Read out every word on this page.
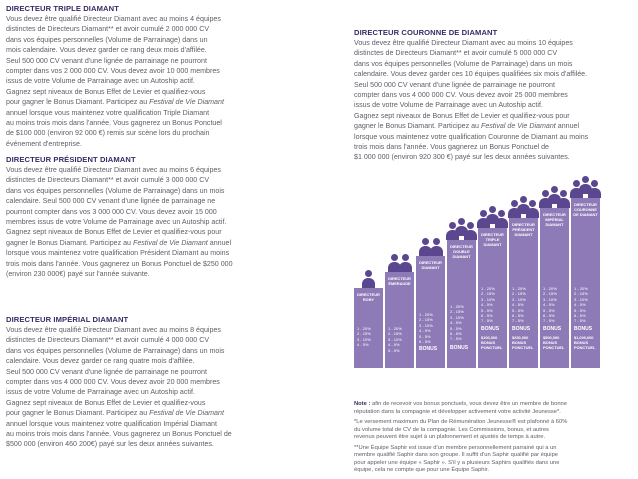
DIRECTEUR TRIPLE DIAMANT

Vous devez être qualifié Directeur Diamant avec au moins 4 équipes

distinctes de Directeurs Diamant** et avoir cumulé 2 000 000 CV

dans vos équipes personnelles (Volume de Parrainage) dans un

mois calendaire. Vous devez garder ce rang deux mois d'affilée.

Seul 500 000 CV venant d'une lignée de parrainage ne pourront

compter dans vos 2 000 000 CV. Vous devez avoir 10 000 membres

issus de votre Volume de Parrainage avec un Autoship actif.

Gagnez sept niveaux de Bonus Effet de Levier et qualifiez-vous

pour gagner le Bonus Diamant. Participez au Festival de Vie Diamant

annuel lorsque vous maintenez votre qualification Triple Diamant

au moins trois mois dans l'année. Vous gagnerez un Bonus Ponctuel

de $100 000 (environ 92 000 €) remis sur scène lors du prochain

événement d'entreprise.

DIRECTEUR PRÉSIDENT DIAMANT

Vous devez être qualifié Directeur Diamant avec au moins 6 équipes

distinctes de Directeurs Diamant** et avoir cumulé 3 000 000 CV

dans vos équipes personnelles (Volume de Parrainage) dans un mois

calendaire. Seul 500 000 CV venant d'une lignée de parrainage ne

pourront compter dans vos 3 000 000 CV. Vous devez avoir 15 000

membres issus de votre Volume de Parrainage avec un Autoship actif.

Gagnez sept niveaux de Bonus Effet de Levier et qualifiez-vous pour

gagner le Bonus Diamant. Participez au Festival de Vie Diamant annuel

lorsque vous maintenez votre qualification Président Diamant au moins

trois mois dans l'année. Vous gagnerez un Bonus Ponctuel de $250 000

(environ 230 000€) payé sur l'année suivante.

DIRECTEUR IMPÉRIAL DIAMANT

Vous devez être qualifié Directeur Diamant avec au moins 8 équipes

distinctes de Directeurs Diamant** et avoir cumulé 4 000 000 CV

dans vos équipes personnelles (Volume de Parrainage) dans un mois

calendaire. Vous devez garder ce rang quatre mois d'affilée.

Seul 500 000 CV venant d'une lignée de parrainage ne pourront

compter dans vos 4 000 000 CV. Vous devez avoir 20 000 membres

issus de votre Volume de Parrainage avec un Autoship actif.

Gagnez sept niveaux de Bonus Effet de Levier et qualifiez-vous

pour gagner le Bonus Diamant. Participez au Festival de Vie Diamant

annuel lorsque vous maintenez votre qualification Impérial Diamant

au moins trois mois dans l'année. Vous gagnerez un Bonus Ponctuel de

$500 000 (environ 460 200€) payé sur les deux années suivantes.

DIRECTEUR COURONNE DE DIAMANT

Vous devez être qualifié Directeur Diamant avec au moins 10 équipes

distinctes de Directeurs Diamant** et avoir cumulé 5 000 000 CV

dans vos équipes personnelles (Volume de Parrainage) dans un mois

calendaire. Vous devez garder ces 10 équipes qualifiées six mois d'affilée.

Seul 500 000 CV venant d'une lignée de parrainage ne pourront

compter dans vos 4 000 000 CV. Vous devez avoir 25 000 membres

issus de votre Volume de Parrainage avec un Autoship actif.

Gagnez sept niveaux de Bonus Effet de Levier et qualifiez-vous pour

gagner le Bonus Diamant. Participez au Festival de Vie Diamant annuel

lorsque vous maintenez votre qualification Couronne de Diamant au moins

trois mois dans l'année. Vous gagnerez un Bonus Ponctuel de

$1 000 000 (environ 920 300 €) payé sur les deux années suivantes.

DIRECTEUR ROBY
1 - 20%
2 - 15%
3 - 10%
4 - 5%
DIRECTEUR ÉMERAUDE
1 - 20%
2 - 15%
3 - 10%
4 - 5%
5 - 5%
DIRECTEUR DIAMANT
1 - 20%
2 - 15%
3 - 10%
4 - 5%
5 - 5%
6 - 5%
BONUS
DIRECTEUR DOUBLE DIAMANT
1 - 20%
2 - 15%
3 - 10%
4 - 5%
5 - 5%
6 - 5%
7 - 5%
BONUS
DIRECTEUR TRIPLE DIAMANT
1 - 20%
2 - 15%
3 - 10%
4 - 5%
5 - 5%
6 - 5%
7 - 5%
BONUS
$100,000
BONUS PONCTUEL
DIRECTEUR PRÉSIDENT DIAMANT
1 - 20%
2 - 15%
3 - 10%
4 - 5%
5 - 5%
6 - 5%
7 - 5%
BONUS
$250,000
BONUS PONCTUEL
DIRECTEUR IMPÉRIAL DIAMANT
1 - 20%
2 - 15%
3 - 10%
4 - 5%
5 - 5%
6 - 5%
7 - 5%
BONUS
$500,000
BONUS PONCTUEL
DIRECTEUR COURONNE DE DIAMANT
1 - 20%
2 - 15%
3 - 10%
4 - 5%
5 - 5%
6 - 5%
7 - 5%
BONUS
$1,000,000
BONUS PONCTUEL

Note : afin de recevoir vos bonus ponctuels, vous devez être un membre de bonne
réputation dans la compagnie et développer activement votre activité Jeunesse*.

*Le versement maximum du Plan de Rémunération Jeunesse® est plafonné à 60%
du volume total de CV de la compagnie. Les Commissions, bonus, et autres
revenus peuvent être sujet à un plafonnement et ajustés de temps à autre.

**Une Équipe Saphir est issue d'un membre personnellement parrainé qui a un
membre qualifié Saphir dans son groupe. Il suffit d'un Saphir qualifié par équipe
pour appeler une équipe « Saphir ». S'il y a plusieurs Saphirs qualifiés dans une
équipe, cela ne compte que pour une Équipe Saphir.
